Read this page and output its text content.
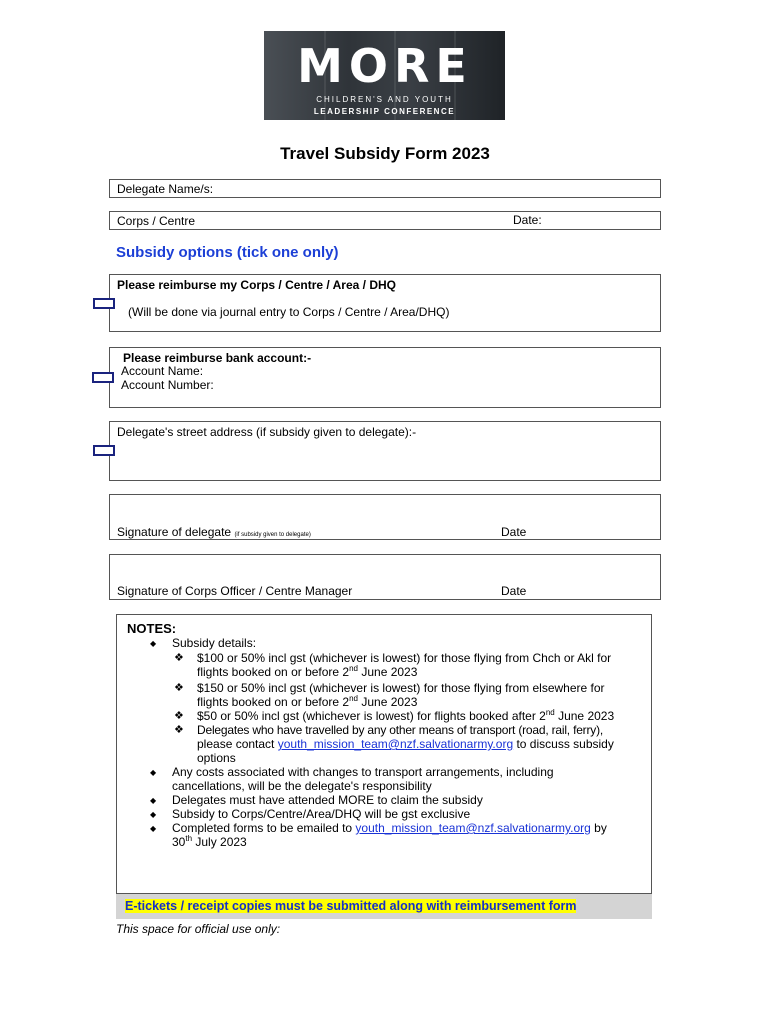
MORE
CHILDREN'S AND YOUTH
LEADERSHIP CONFERENCE
Travel Subsidy Form 2023
Delegate Name/s:
Corps / Centre	Date:
Subsidy options (tick one only)
Please reimburse my Corps / Centre / Area / DHQ
(Will be done via journal entry to Corps / Centre / Area/DHQ)
Please reimburse bank account:-
Account Name:
Account Number:
Delegate's street address (if subsidy given to delegate):-
Signature of delegate (if subsidy given to delegate)	Date
Signature of Corps Officer / Centre Manager	Date
NOTES:
◆ Subsidy details:
❖ $100 or 50% incl gst (whichever is lowest) for those flying from Chch or Akl for
flights booked on or before 2nd June 2023
❖ $150 or 50% incl gst (whichever is lowest) for those flying from elsewhere for
flights booked on or before 2nd June 2023
❖ $50 or 50% incl gst (whichever is lowest) for flights booked after 2nd June 2023
❖ Delegates who have travelled by any other means of transport (road, rail, ferry),
please contact youth_mission_team@nzf.salvationarmy.org to discuss subsidy
options
◆ Any costs associated with changes to transport arrangements, including
cancellations, will be the delegate's responsibility
◆ Delegates must have attended MORE to claim the subsidy
◆ Subsidy to Corps/Centre/Area/DHQ will be gst exclusive
◆ Completed forms to be emailed to youth_mission_team@nzf.salvationarmy.org by
30th July 2023
E-tickets / receipt copies must be submitted along with reimbursement form
This space for official use only:
